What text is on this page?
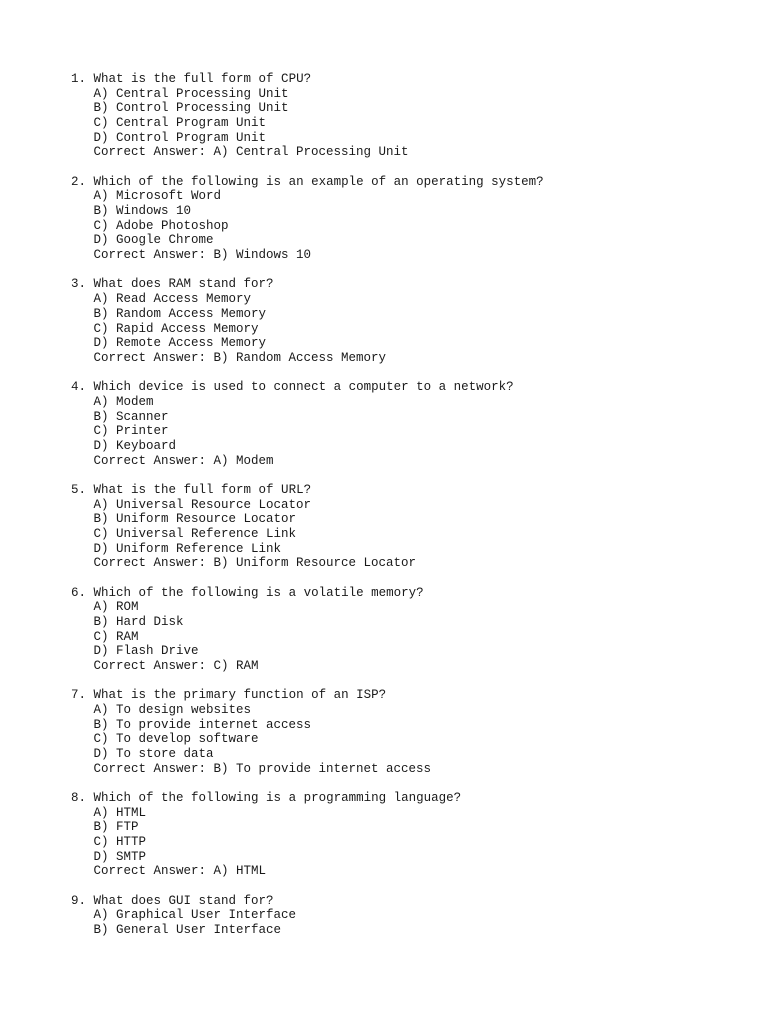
1. What is the full form of CPU?
A) Central Processing Unit
B) Control Processing Unit
C) Central Program Unit
D) Control Program Unit
Correct Answer: A) Central Processing Unit
2. Which of the following is an example of an operating system?
A) Microsoft Word
B) Windows 10
C) Adobe Photoshop
D) Google Chrome
Correct Answer: B) Windows 10
3. What does RAM stand for?
A) Read Access Memory
B) Random Access Memory
C) Rapid Access Memory
D) Remote Access Memory
Correct Answer: B) Random Access Memory
4. Which device is used to connect a computer to a network?
A) Modem
B) Scanner
C) Printer
D) Keyboard
Correct Answer: A) Modem
5. What is the full form of URL?
A) Universal Resource Locator
B) Uniform Resource Locator
C) Universal Reference Link
D) Uniform Reference Link
Correct Answer: B) Uniform Resource Locator
6. Which of the following is a volatile memory?
A) ROM
B) Hard Disk
C) RAM
D) Flash Drive
Correct Answer: C) RAM
7. What is the primary function of an ISP?
A) To design websites
B) To provide internet access
C) To develop software
D) To store data
Correct Answer: B) To provide internet access
8. Which of the following is a programming language?
A) HTML
B) FTP
C) HTTP
D) SMTP
Correct Answer: A) HTML
9. What does GUI stand for?
A) Graphical User Interface
B) General User Interface
